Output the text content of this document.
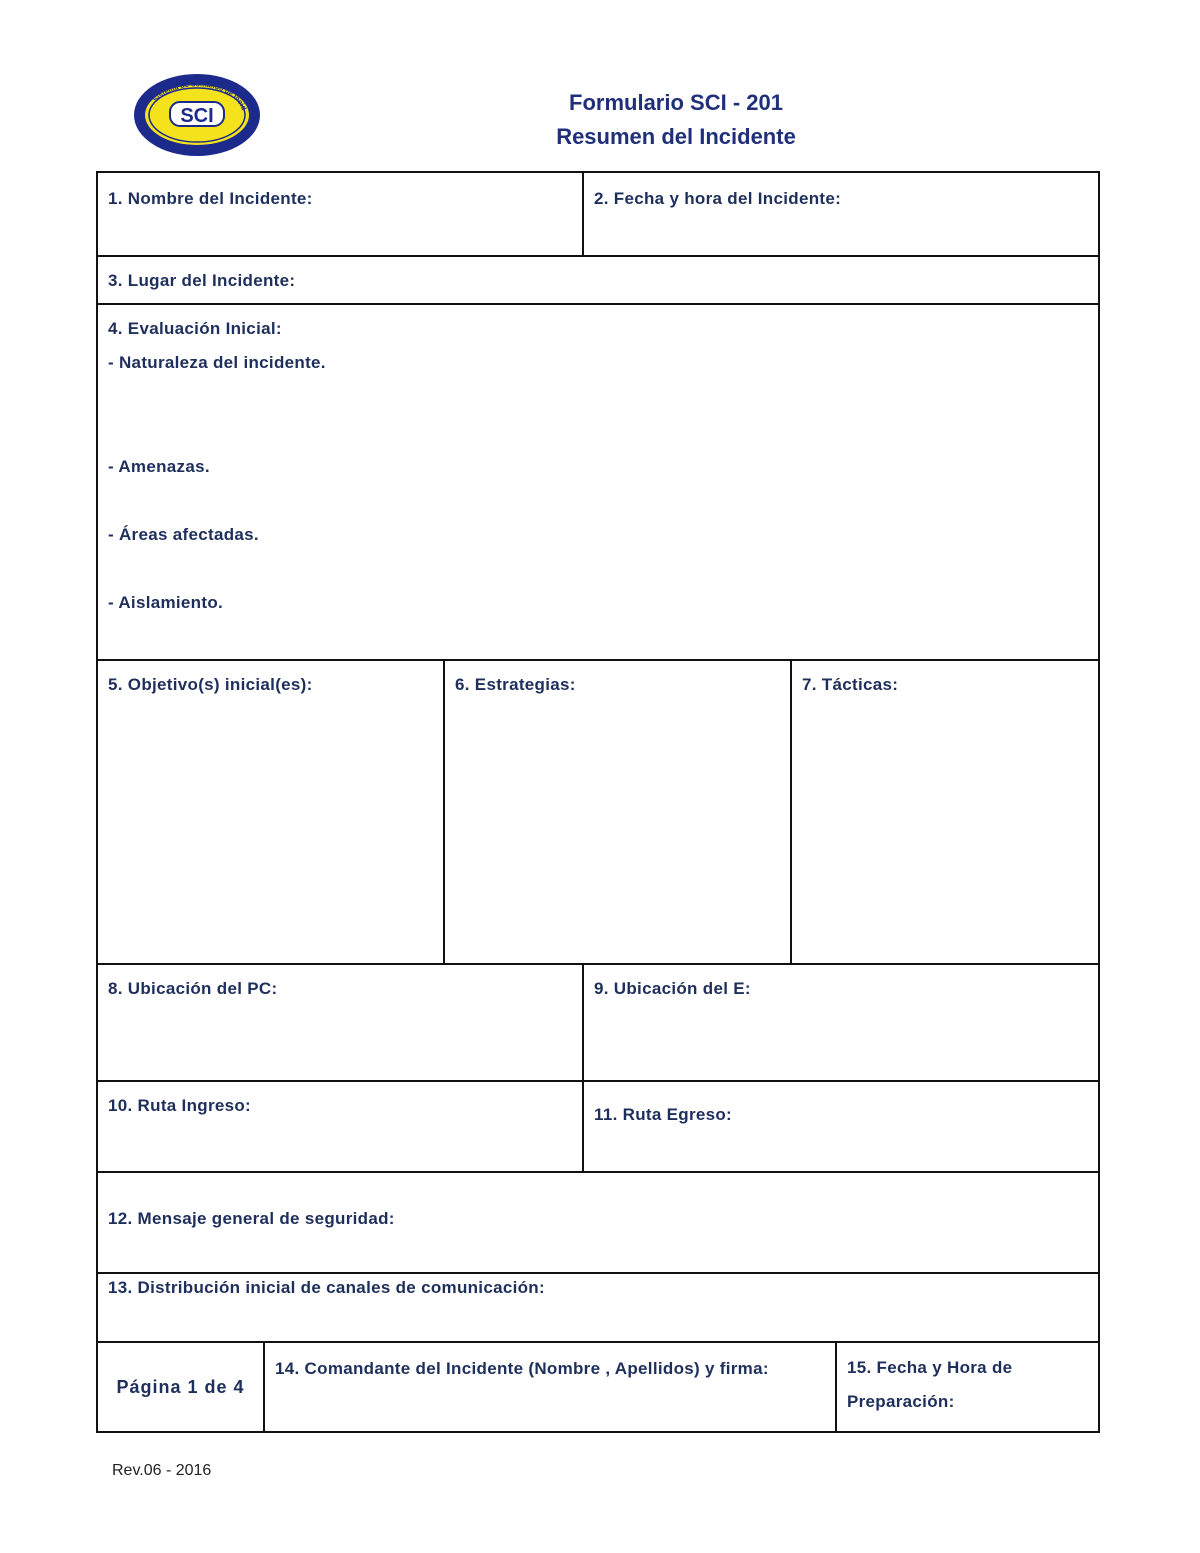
Sistema de Comando de Incid
SCI
Formulario SCI - 201
Resumen del Incidente
1. Nombre del Incidente:	2. Fecha y hora del Incidente:
3. Lugar del Incidente:
4. Evaluación Inicial:
- Naturaleza del incidente.
- Amenazas.
- Áreas afectadas.
- Aislamiento.
5. Objetivo(s) inicial(es):	6. Estrategias:	7. Tácticas:
8. Ubicación del PC:	9. Ubicación del E:
10. Ruta Ingreso:	11. Ruta Egreso:
12. Mensaje general de seguridad:
13. Distribución inicial de canales de comunicación:
Página 1 de 4
14. Comandante del Incidente (Nombre , Apellidos) y firma:	15. Fecha y Hora de
Preparación:
Rev.06 - 2016
